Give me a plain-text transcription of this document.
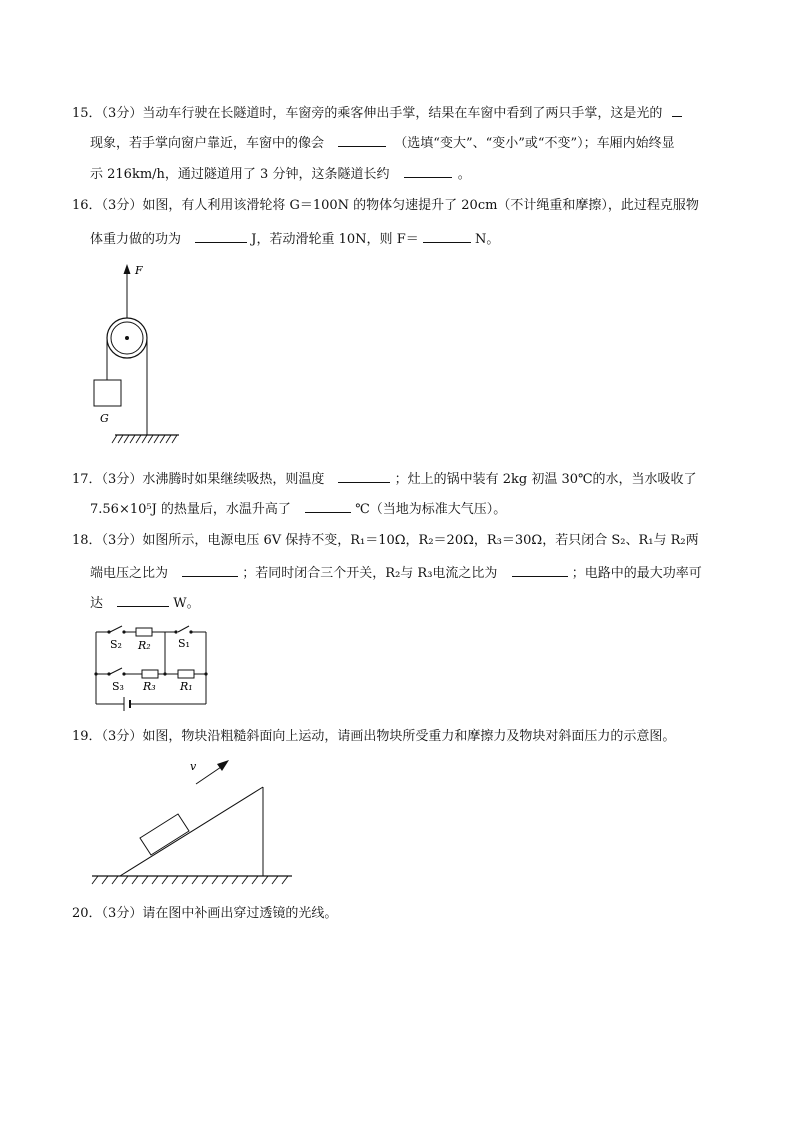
15．（3分）当动车行驶在长隧道时，车窗旁的乘客伸出手掌，结果在车窗中看到了两只手掌，这是光的
现象，若手掌向窗户靠近，车窗中的像会	（选填“变大”、“变小”或“不变”）；车厢内始终显
示 216km/h，通过隧道用了 3 分钟，这条隧道长约	。
16．（3分）如图，有人利用该滑轮将 G＝100N 的物体匀速提升了 20cm（不计绳重和摩擦），此过程克服物
体重力做的功为	J，若动滑轮重 10N，则 F＝	N。
F
G
17．（3分）水沸腾时如果继续吸热，则温度	；灶上的锅中装有 2kg 初温 30℃的水，当水吸收了
7.56×10⁵J 的热量后，水温升高了	℃（当地为标准大气压）。
18．（3分）如图所示，电源电压 6V 保持不变，R₁＝10Ω，R₂＝20Ω，R₃＝30Ω，若只闭合 S₂、R₁与 R₂两
端电压之比为	；若同时闭合三个开关，R₂与 R₃电流之比为	；电路中的最大功率可
达	W。
S₂ R₂ S₁
S₃ R₃ R₁
19．（3分）如图，物块沿粗糙斜面向上运动，请画出物块所受重力和摩擦力及物块对斜面压力的示意图。
v
20．（3分）请在图中补画出穿过透镜的光线。
